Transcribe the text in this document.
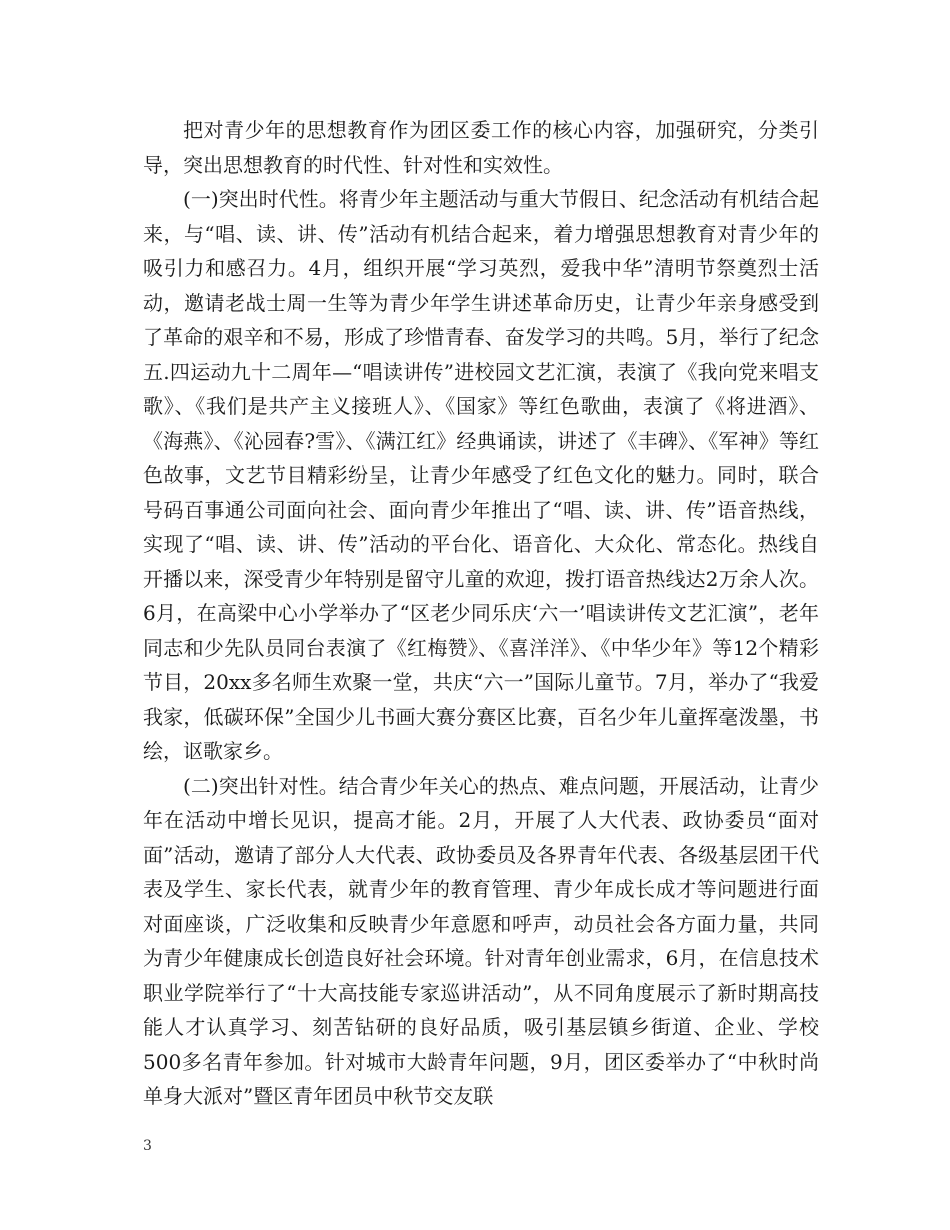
把对青少年的思想教育作为团区委工作的核心内容，加强研究，分类引导，突出思想教育的时代性、针对性和实效性。

(一)突出时代性。将青少年主题活动与重大节假日、纪念活动有机结合起来，与“唱、读、讲、传”活动有机结合起来，着力增强思想教育对青少年的吸引力和感召力。4月，组织开展“学习英烈，爱我中华”清明节祭奠烈士活动，邀请老战士周一生等为青少年学生讲述革命历史，让青少年亲身感受到了革命的艰辛和不易，形成了珍惜青春、奋发学习的共鸣。5月，举行了纪念五.四运动九十二周年—“唱读讲传”进校园文艺汇演，表演了《我向党来唱支歌》、《我们是共产主义接班人》、《国家》等红色歌曲，表演了《将进酒》、《海燕》、《沁园春?雪》、《满江红》经典诵读，讲述了《丰碑》、《军神》等红色故事，文艺节目精彩纷呈，让青少年感受了红色文化的魅力。同时，联合号码百事通公司面向社会、面向青少年推出了“唱、读、讲、传”语音热线，实现了“唱、读、讲、传”活动的平台化、语音化、大众化、常态化。热线自开播以来，深受青少年特别是留守儿童的欢迎，拨打语音热线达2万余人次。6月，在高梁中心小学举办了“区老少同乐庆‘六一’唱读讲传文艺汇演”，老年同志和少先队员同台表演了《红梅赞》、《喜洋洋》、《中华少年》等12个精彩节目，20xx多名师生欢聚一堂，共庆“六一”国际儿童节。7月，举办了“我爱我家，低碳环保”全国少儿书画大赛分赛区比赛，百名少年儿童挥毫泼墨，书绘，讴歌家乡。

(二)突出针对性。结合青少年关心的热点、难点问题，开展活动，让青少年在活动中增长见识，提高才能。2月，开展了人大代表、政协委员“面对面”活动，邀请了部分人大代表、政协委员及各界青年代表、各级基层团干代表及学生、家长代表，就青少年的教育管理、青少年成长成才等问题进行面对面座谈，广泛收集和反映青少年意愿和呼声，动员社会各方面力量，共同为青少年健康成长创造良好社会环境。针对青年创业需求，6月，在信息技术职业学院举行了“十大高技能专家巡讲活动”，从不同角度展示了新时期高技能人才认真学习、刻苦钻研的良好品质，吸引基层镇乡街道、企业、学校500多名青年参加。针对城市大龄青年问题，9月，团区委举办了“中秋时尚单身大派对”暨区青年团员中秋节交友联

3
